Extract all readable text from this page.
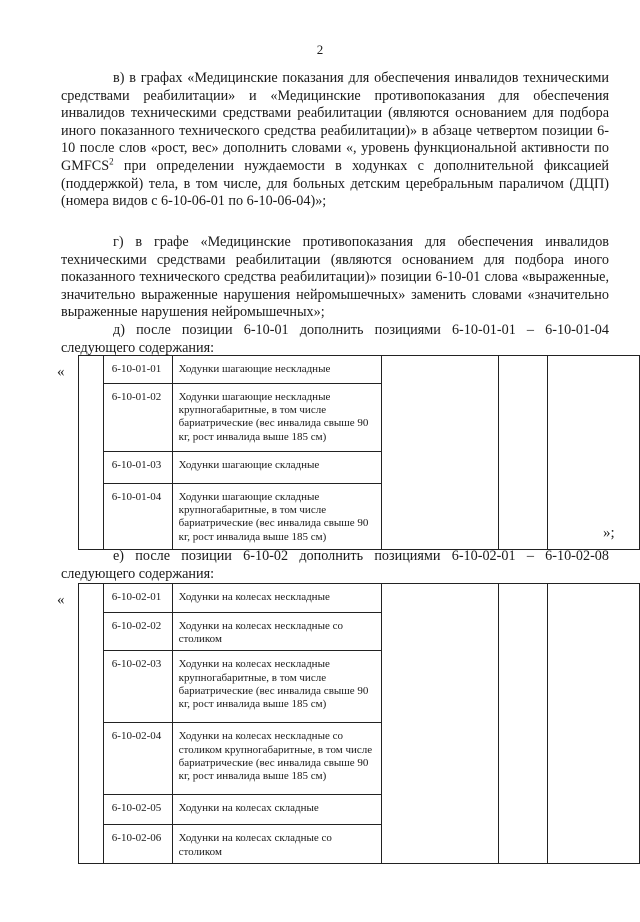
2

в) в графах «Медицинские показания для обеспечения инвалидов техническими средствами реабилитации» и «Медицинские противопоказания для обеспечения инвалидов техническими средствами реабилитации (являются основанием для подбора иного показанного технического средства реабилитации)» в абзаце четвертом позиции 6-10 после слов «рост, вес» дополнить словами «, уровень функциональной активности по GMFCS$^2$ при определении нуждаемости в ходунках с дополнительной фиксацией (поддержкой) тела, в том числе, для больных детским церебральным параличом (ДЦП) (номера видов с 6-10-06-01 по 6-10-06-04)»;

г) в графе «Медицинские противопоказания для обеспечения инвалидов техническими средствами реабилитации (являются основанием для подбора иного показанного технического средства реабилитации)» позиции 6-10-01 слова «выраженные, значительно выраженные нарушения нейромышечных» заменить словами «значительно выраженные нарушения нейромышечных»;

д) после позиции 6-10-01 дополнить позициями 6-10-01-01 – 6-10-01-04 следующего содержания:

«
		6-10-01-01	Ходунки шагающие нескладные			
	6-10-01-02	Ходунки шагающие нескладные крупногабаритные, в том числе бариатрические (вес инвалида свыше 90 кг, рост инвалида выше 185 см)			
	6-10-01-03	Ходунки шагающие складные			
	6-10-01-04	Ходунки шагающие складные крупногабаритные, в том числе бариатрические (вес инвалида свыше 90 кг, рост инвалида выше 185 см)				»;

е) после позиции 6-10-02 дополнить позициями 6-10-02-01 – 6-10-02-08 следующего содержания:

«
		6-10-02-01	Ходунки на колесах нескладные			
	6-10-02-02	Ходунки на колесах нескладные со столиком			
	6-10-02-03	Ходунки на колесах нескладные крупногабаритные, в том числе бариатрические (вес инвалида свыше 90 кг, рост инвалида выше 185 см)			
	6-10-02-04	Ходунки на колесах нескладные со столиком крупногабаритные, в том числе бариатрические (вес инвалида свыше 90 кг, рост инвалида выше 185 см)			
	6-10-02-05	Ходунки на колесах складные			
	6-10-02-06	Ходунки на колесах складные со столиком			
